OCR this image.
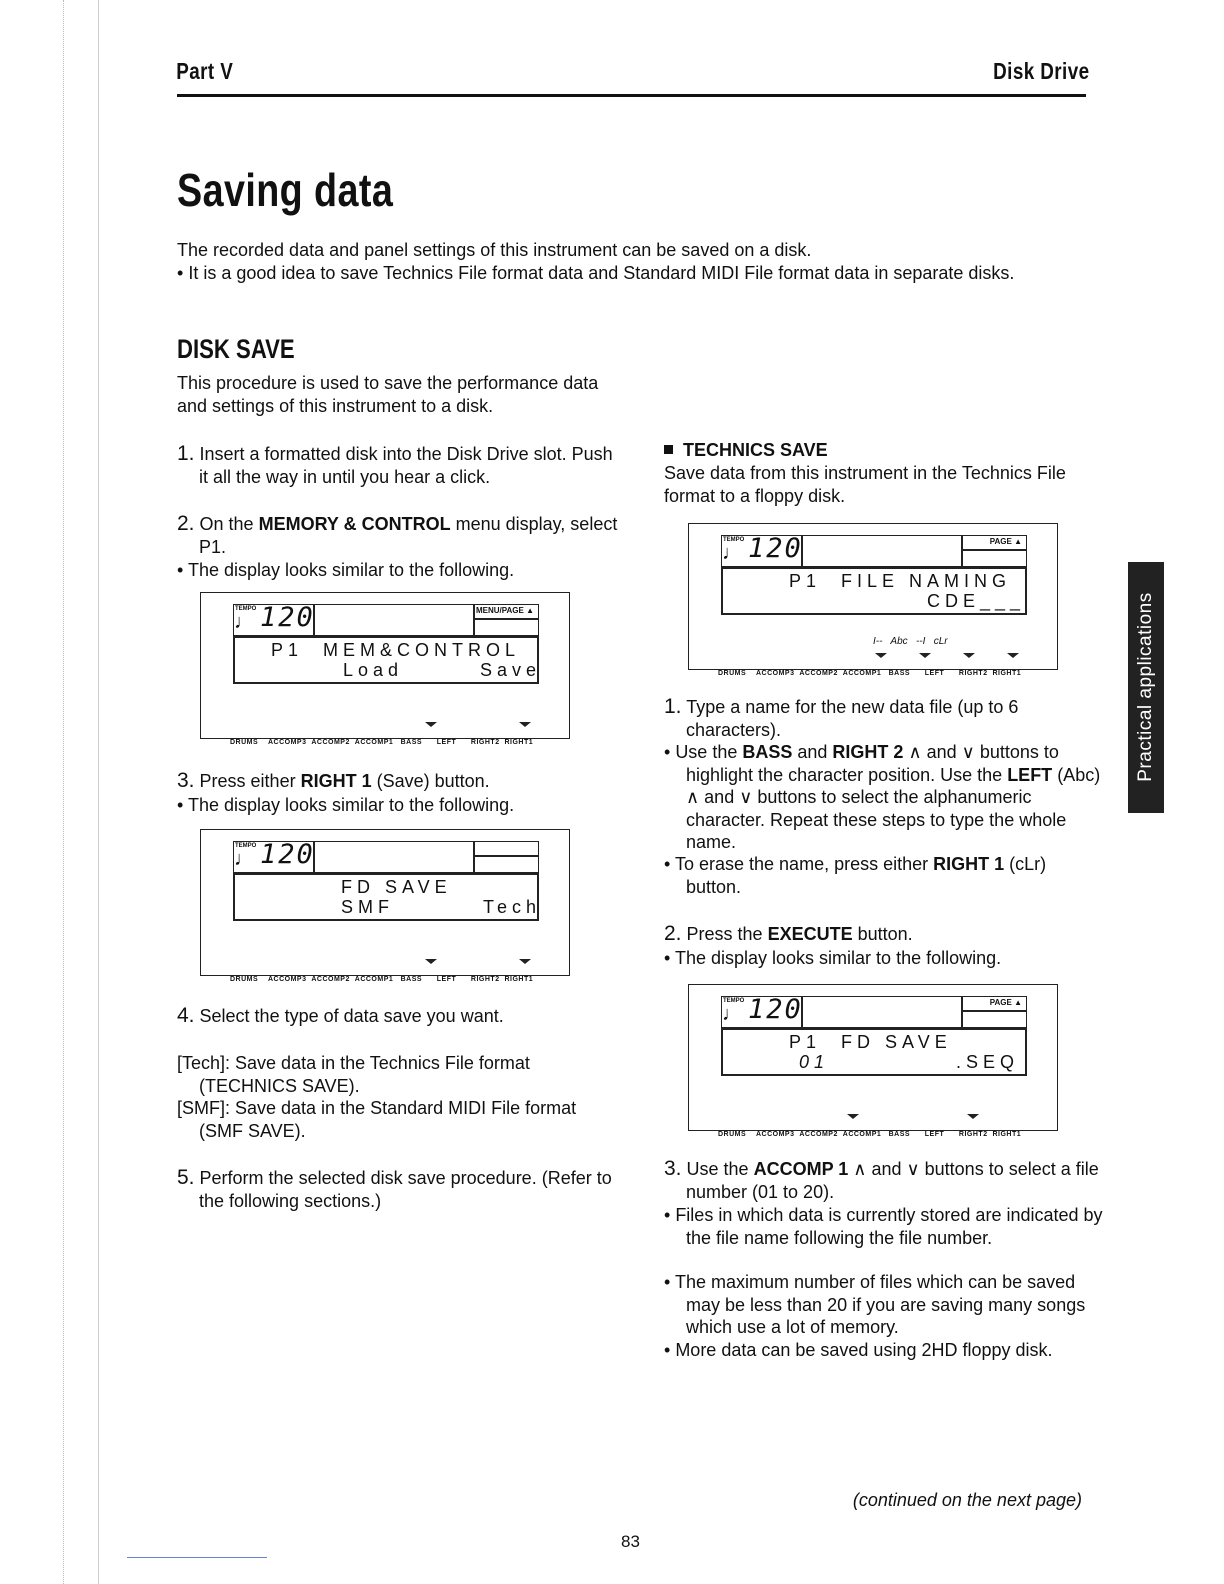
Part V	Disk Drive
Saving data
The recorded data and panel settings of this instrument can be saved on a disk.
• It is a good idea to save Technics File format data and Standard MIDI File format data in separate disks.
DISK SAVE
This procedure is used to save the performance data and settings of this instrument to a disk.
1. Insert a formatted disk into the Disk Drive slot. Push it all the way in until you hear a click.
2. On the MEMORY & CONTROL menu display, select P1.
• The display looks similar to the following.
TEMPO
♩ 120	MENU/PAGE ▲
P1  MEM&CONTROL
Load	Save
DRUMS ACCOMP3 ACCOMP2 ACCOMP1 BASS LEFT RIGHT2 RIGHT1
3. Press either RIGHT 1 (Save) button.
• The display looks similar to the following.
TEMPO
♩ 120
FD SAVE
SMF	Tech
DRUMS ACCOMP3 ACCOMP2 ACCOMP1 BASS LEFT RIGHT2 RIGHT1
4. Select the type of data save you want.
[Tech]: Save data in the Technics File format (TECHNICS SAVE).
[SMF]: Save data in the Standard MIDI File format (SMF SAVE).
5. Perform the selected disk save procedure. (Refer to the following sections.)
TECHNICS SAVE
Save data from this instrument in the Technics File format to a floppy disk.
TEMPO
♩ 120	PAGE ▲
P1  FILE NAMING
CDE___
I--   Abc   --I   cLr
DRUMS ACCOMP3 ACCOMP2 ACCOMP1 BASS LEFT RIGHT2 RIGHT1
1. Type a name for the new data file (up to 6 characters).
• Use the BASS and RIGHT 2 ∧ and ∨ buttons to highlight the character position. Use the LEFT (Abc) ∧ and ∨ buttons to select the alphanumeric character. Repeat these steps to type the whole name.
• To erase the name, press either RIGHT 1 (cLr) button.
2. Press the EXECUTE button.
• The display looks similar to the following.
TEMPO
♩ 120	PAGE ▲
P1  FD SAVE
01	.SEQ
DRUMS ACCOMP3 ACCOMP2 ACCOMP1 BASS LEFT RIGHT2 RIGHT1
3. Use the ACCOMP 1 ∧ and ∨ buttons to select a file number (01 to 20).
• Files in which data is currently stored are indicated by the file name following the file number.
• The maximum number of files which can be saved may be less than 20 if you are saving many songs which use a lot of memory.
• More data can be saved using 2HD floppy disk.
Practical applications
(continued on the next page)
83
